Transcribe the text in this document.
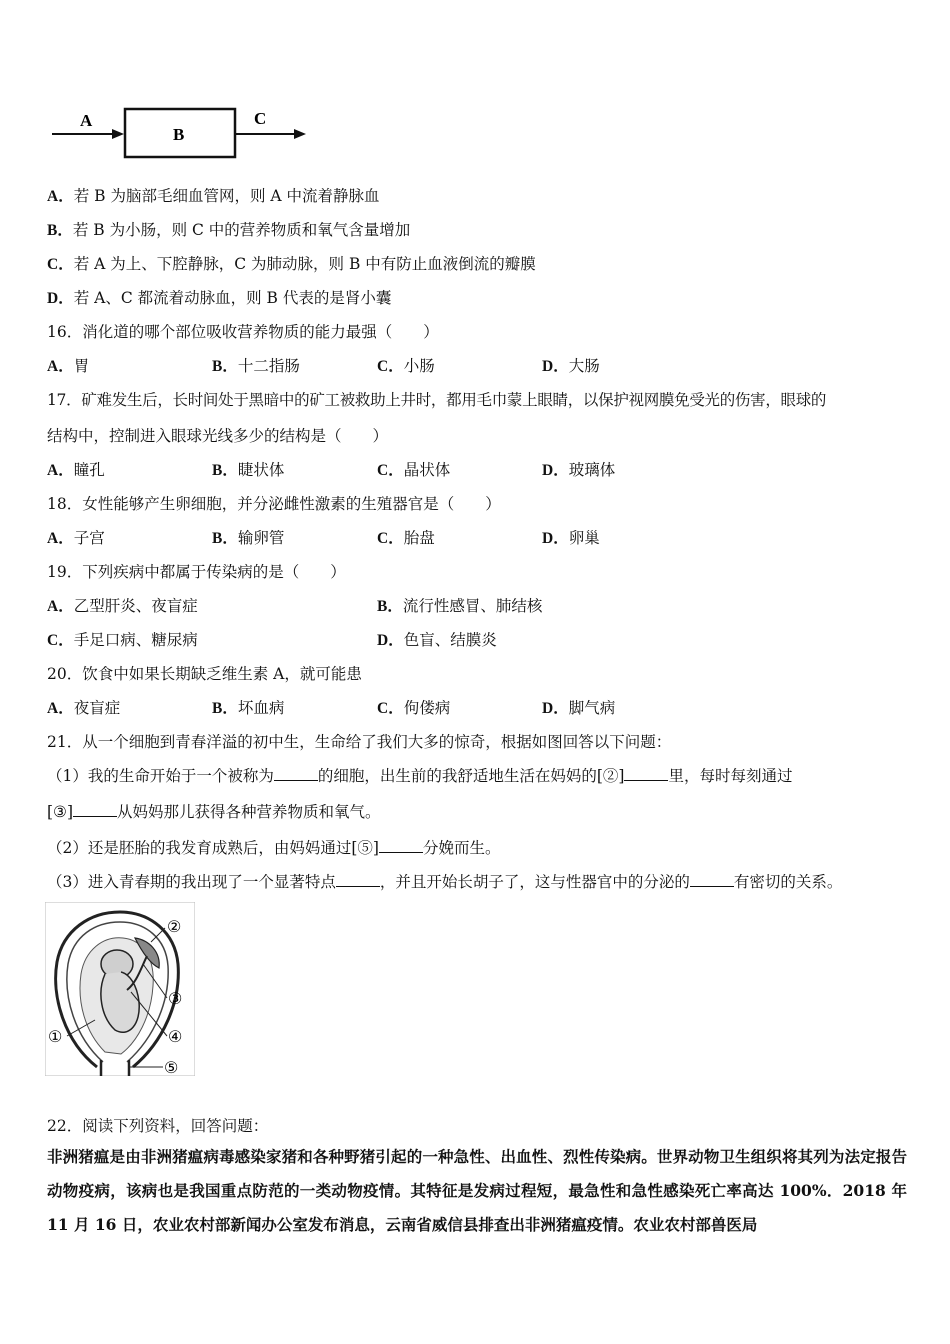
A
B
C
A．若 B 为脑部毛细血管网，则 A 中流着静脉血
B．若 B 为小肠，则 C 中的营养物质和氧气含量增加
C．若 A 为上、下腔静脉，C 为肺动脉，则 B 中有防止血液倒流的瓣膜
D．若 A、C 都流着动脉血，则 B 代表的是肾小囊
16．消化道的哪个部位吸收营养物质的能力最强（　　）
A．胃	B．十二指肠	C．小肠	D．大肠
17．矿难发生后，长时间处于黑暗中的矿工被救助上井时，都用毛巾蒙上眼睛，以保护视网膜免受光的伤害，眼球的
结构中，控制进入眼球光线多少的结构是（　　）
A．瞳孔	B．睫状体	C．晶状体	D．玻璃体
18．女性能够产生卵细胞，并分泌雌性激素的生殖器官是（　　）
A．子宫	B．输卵管	C．胎盘	D．卵巢
19．下列疾病中都属于传染病的是（　　）
A．乙型肝炎、夜盲症	B．流行性感冒、肺结核
C．手足口病、糖尿病	D．色盲、结膜炎
20．饮食中如果长期缺乏维生素 A，就可能患
A．夜盲症	B．坏血病	C．佝偻病	D．脚气病
21．从一个细胞到青春洋溢的初中生，生命给了我们大多的惊奇，根据如图回答以下问题：
（1）我的生命开始于一个被称为	的细胞，出生前的我舒适地生活在妈妈的[②]	里，每时每刻通过
[③]	从妈妈那儿获得各种营养物质和氧气。
（2）还是胚胎的我发育成熟后，由妈妈通过[⑤]	分娩而生。
（3）进入青春期的我出现了一个显著特点	，并且开始长胡子了，这与性器官中的分泌的	有密切的关系。
②
③
④
①
⑤
22．阅读下列资料，回答问题：
非洲猪瘟是由非洲猪瘟病毒感染家猪和各种野猪引起的一种急性、出血性、烈性传染病。世界动物卫生组织将其列为法定报告动物疫病，该病也是我国重点防范的一类动物疫情。其特征是发病过程短，最急性和急性感染死亡率高达 100%．2018 年 11 月 16 日，农业农村部新闻办公室发布消息，云南省威信县排查出非洲猪瘟疫情。农业农村部兽医局
